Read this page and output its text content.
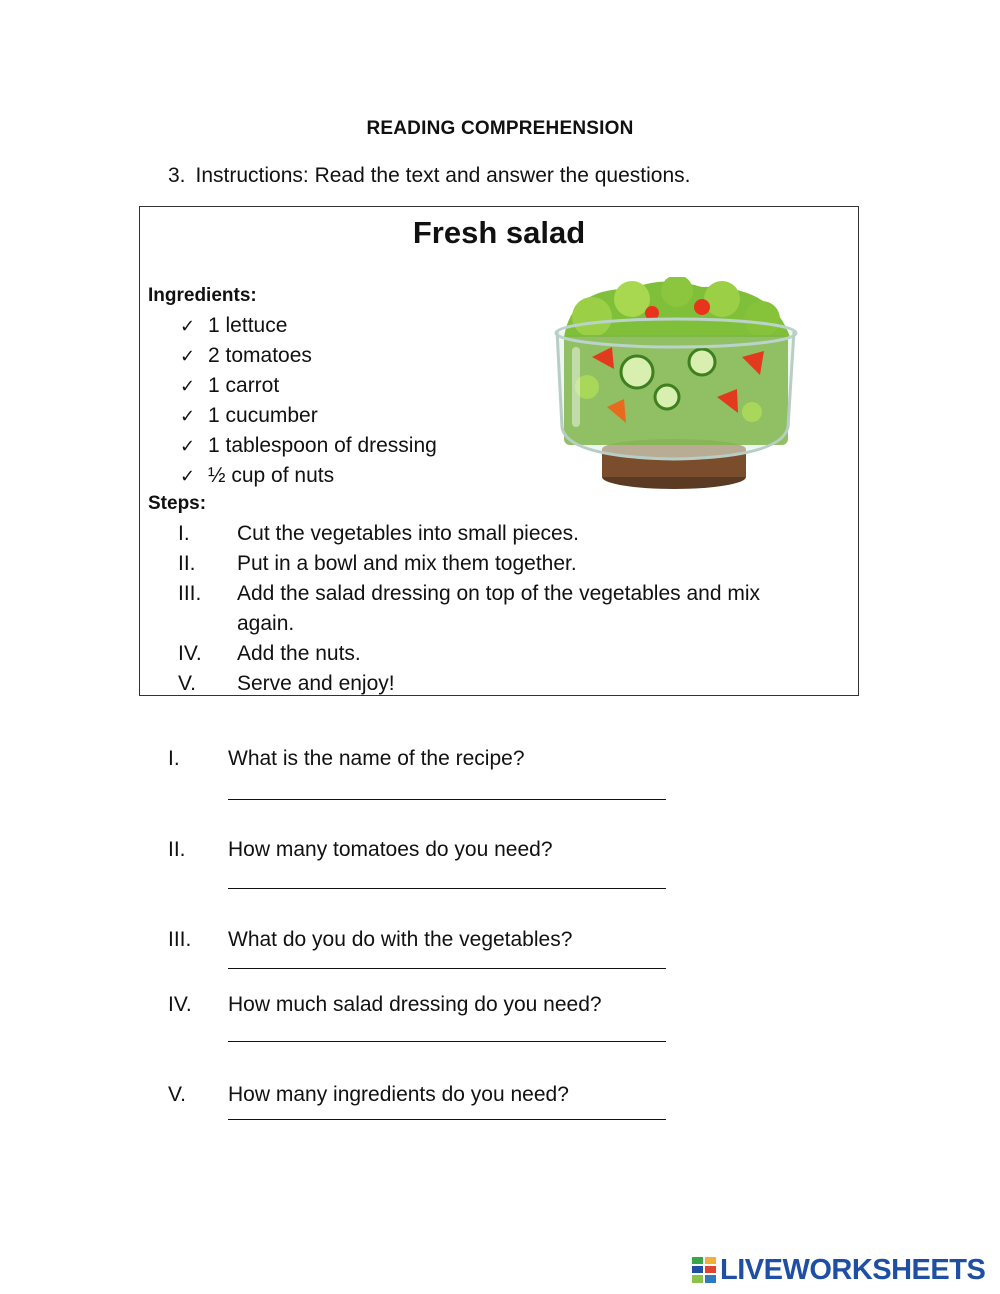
READING COMPREHENSION
3. Instructions: Read the text and answer the questions.
Fresh salad
Ingredients:
✓ 1 lettuce
✓ 2 tomatoes
✓ 1 carrot
✓ 1 cucumber
✓ 1 tablespoon of dressing
✓ ½ cup of nuts
Steps:
I.	Cut the vegetables into small pieces.
II.	Put in a bowl and mix them together.
III.	Add the salad dressing on top of the vegetables and mix again.
IV.	Add the nuts.
V.	Serve and enjoy!
I. What is the name of the recipe?
II. How many tomatoes do you need?
III. What do you do with the vegetables?
IV. How much salad dressing do you need?
V. How many ingredients do you need?
LIVEWORKSHEETS
